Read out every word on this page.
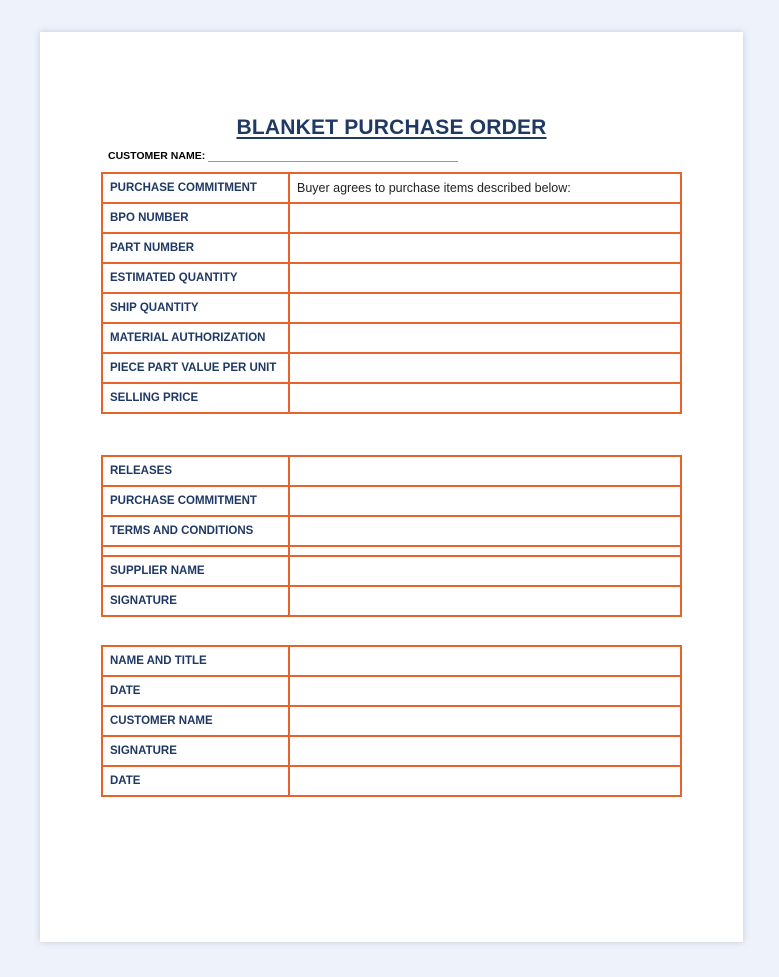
BLANKET PURCHASE ORDER
CUSTOMER NAME:
PURCHASE COMMITMENT	Buyer agrees to purchase items described below:
BPO NUMBER	
PART NUMBER	
ESTIMATED QUANTITY	
SHIP QUANTITY	
MATERIAL AUTHORIZATION	
PIECE PART VALUE PER UNIT	
SELLING PRICE	
RELEASES	
PURCHASE COMMITMENT	
TERMS AND CONDITIONS	

SUPPLIER NAME	
SIGNATURE	
NAME AND TITLE	
DATE	
CUSTOMER NAME	
SIGNATURE	
DATE	
